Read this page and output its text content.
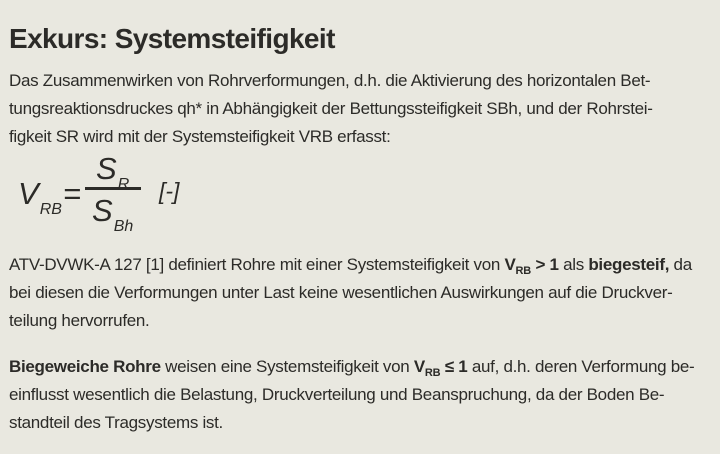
Exkurs: Systemsteifigkeit
Das Zusammenwirken von Rohrverformungen, d.h. die Aktivierung des horizontalen Bet-
tungsreaktionsdruckes qh* in Abhängigkeit der Bettungssteifigkeit SBh, und der Rohrstei-
figkeit SR wird mit der Systemsteifigkeit VRB erfasst:
$V_{RB}=$
$S_R$
$S_{Bh}$
[-]
ATV-DVWK-A 127 [1] definiert Rohre mit einer Systemsteifigkeit von $V_{RB} > 1$ als biegesteif, da
bei diesen die Verformungen unter Last keine wesentlichen Auswirkungen auf die Druckver-
teilung hervorrufen.
Biegeweiche Rohre weisen eine Systemsteifigkeit von $V_{RB} \le 1$ auf, d.h. deren Verformung be-
einflusst wesentlich die Belastung, Druckverteilung und Beanspruchung, da der Boden Be-
standteil des Tragsystems ist.
